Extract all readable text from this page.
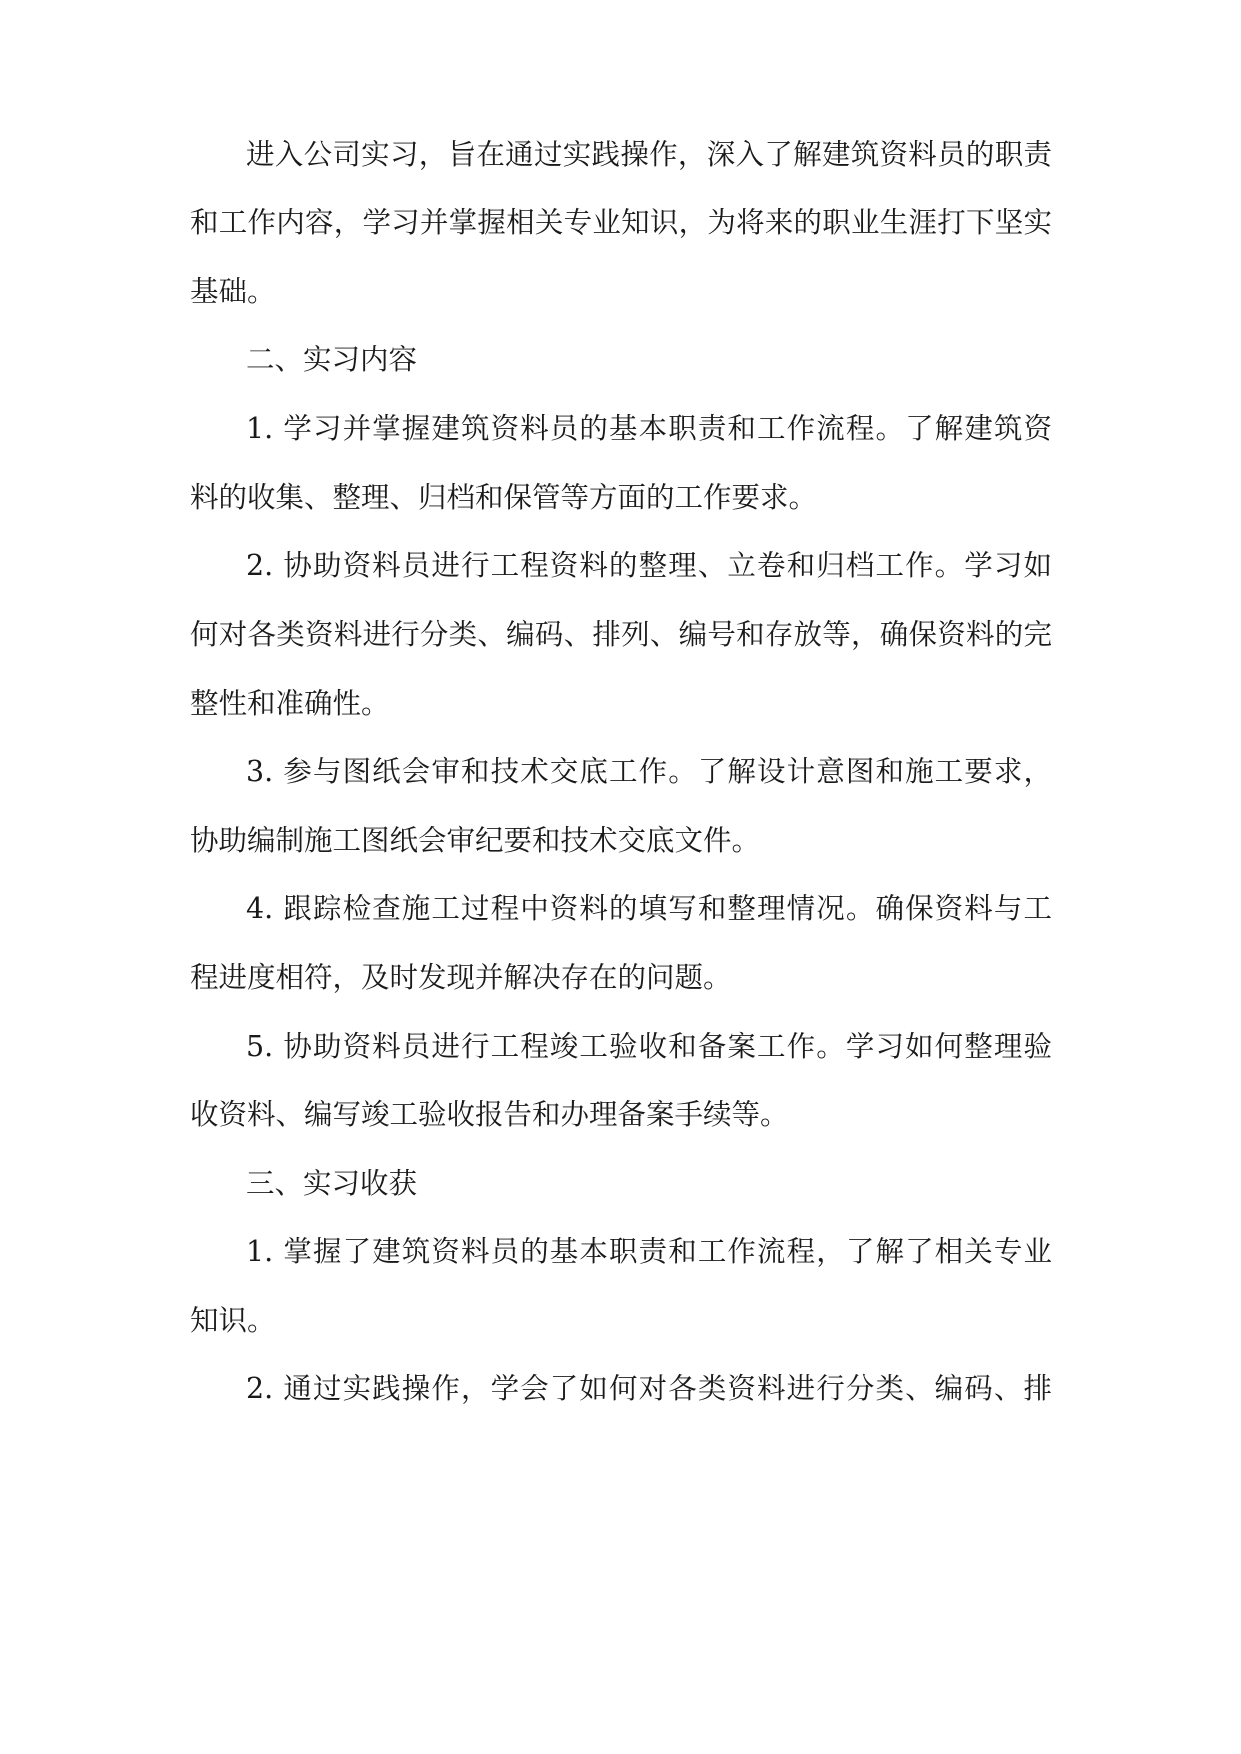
进入公司实习，旨在通过实践操作，深入了解建筑资料员的职责
和工作内容，学习并掌握相关专业知识，为将来的职业生涯打下坚实
基础。
二、实习内容
1. 学习并掌握建筑资料员的基本职责和工作流程。了解建筑资
料的收集、整理、归档和保管等方面的工作要求。
2. 协助资料员进行工程资料的整理、立卷和归档工作。学习如
何对各类资料进行分类、编码、排列、编号和存放等，确保资料的完
整性和准确性。
3. 参与图纸会审和技术交底工作。了解设计意图和施工要求，
协助编制施工图纸会审纪要和技术交底文件。
4. 跟踪检查施工过程中资料的填写和整理情况。确保资料与工
程进度相符，及时发现并解决存在的问题。
5. 协助资料员进行工程竣工验收和备案工作。学习如何整理验
收资料、编写竣工验收报告和办理备案手续等。
三、实习收获
1. 掌握了建筑资料员的基本职责和工作流程，了解了相关专业
知识。
2. 通过实践操作，学会了如何对各类资料进行分类、编码、排
